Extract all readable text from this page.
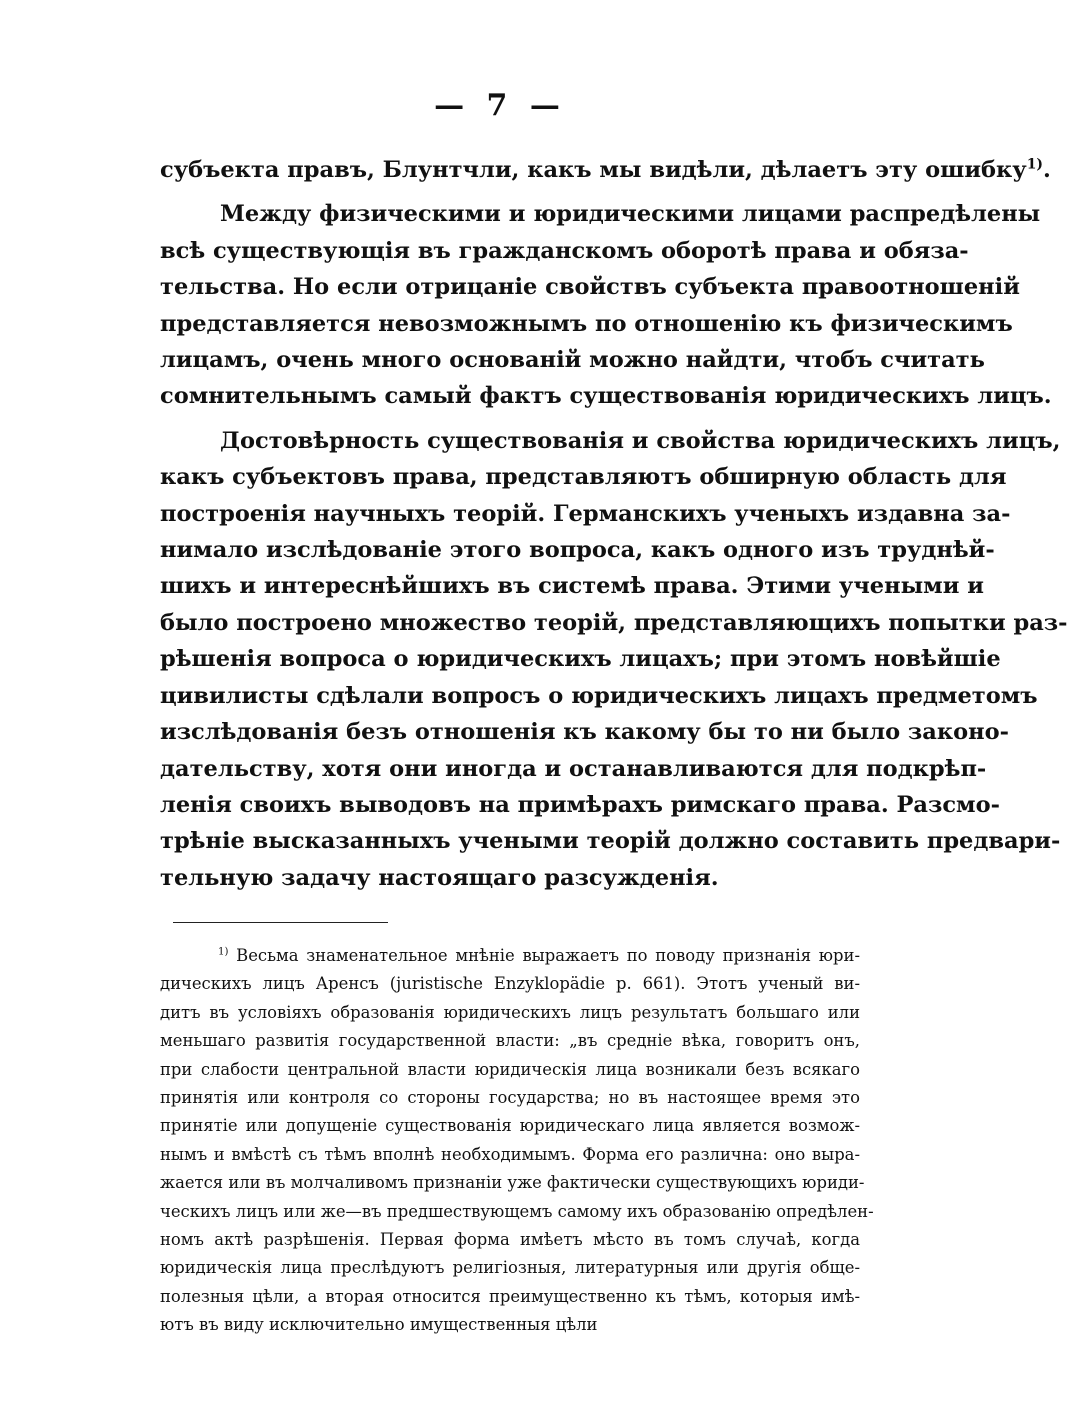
— 7 —
субъекта правъ, Блунтчли, какъ мы видѣли, дѣлаетъ эту ошибку$^{1)}$.
Между физическими и юридическими лицами распредѣлены
всѣ существующія въ гражданскомъ оборотѣ права и обяза-
тельства. Но если отрицаніе свойствъ субъекта правоотношеній
представляется невозможнымъ по отношенію къ физическимъ
лицамъ, очень много основаній можно найдти, чтобъ считать
сомнительнымъ самый фактъ существованія юридическихъ лицъ.
Достовѣрность существованія и свойства юридическихъ лицъ,
какъ субъектовъ права, представляютъ обширную область для
построенія научныхъ теорій. Германскихъ ученыхъ издавна за-
нимало изслѣдованіе этого вопроса, какъ одного изъ труднѣй-
шихъ и интереснѣйшихъ въ системѣ права. Этими учеными и
было построено множество теорій, представляющихъ попытки раз-
рѣшенія вопроса о юридическихъ лицахъ; при этомъ новѣйшіе
цивилисты сдѣлали вопросъ о юридическихъ лицахъ предметомъ
изслѣдованія безъ отношенія къ какому бы то ни было законо-
дательству, хотя они иногда и останавливаются для подкрѣп-
ленія своихъ выводовъ на примѣрахъ римскаго права. Разсмо-
трѣніе высказанныхъ учеными теорій должно составить предвари-
тельную задачу настоящаго разсужденія.
$^{1)}$ Весьма знаменательное мнѣніе выражаетъ по поводу признанія юри-
дическихъ лицъ Аренсъ (juristische Enzyklopädie p. 661). Этотъ ученый ви-
дитъ въ условіяхъ образованія юридическихъ лицъ результатъ большаго или
меньшаго развитія государственной власти: „въ средніе вѣка, говоритъ онъ,
при слабости центральной власти юридическія лица возникали безъ всякаго
принятія или контроля со стороны государства; но въ настоящее время это
принятіе или допущеніе существованія юридическаго лица является возмож-
нымъ и вмѣстѣ съ тѣмъ вполнѣ необходимымъ. Форма его различна: оно выра-
жается или въ молчаливомъ признаніи уже фактически существующихъ юриди-
ческихъ лицъ или же—въ предшествующемъ самому ихъ образованію опредѣлен-
номъ актѣ разрѣшенія. Первая форма имѣетъ мѣсто въ томъ случаѣ, когда
юридическія лица преслѣдуютъ религіозныя, литературныя или другія обще-
полезныя цѣли, а вторая относится преимущественно къ тѣмъ, которыя имѣ-
ютъ въ виду исключительно имущественныя цѣли
